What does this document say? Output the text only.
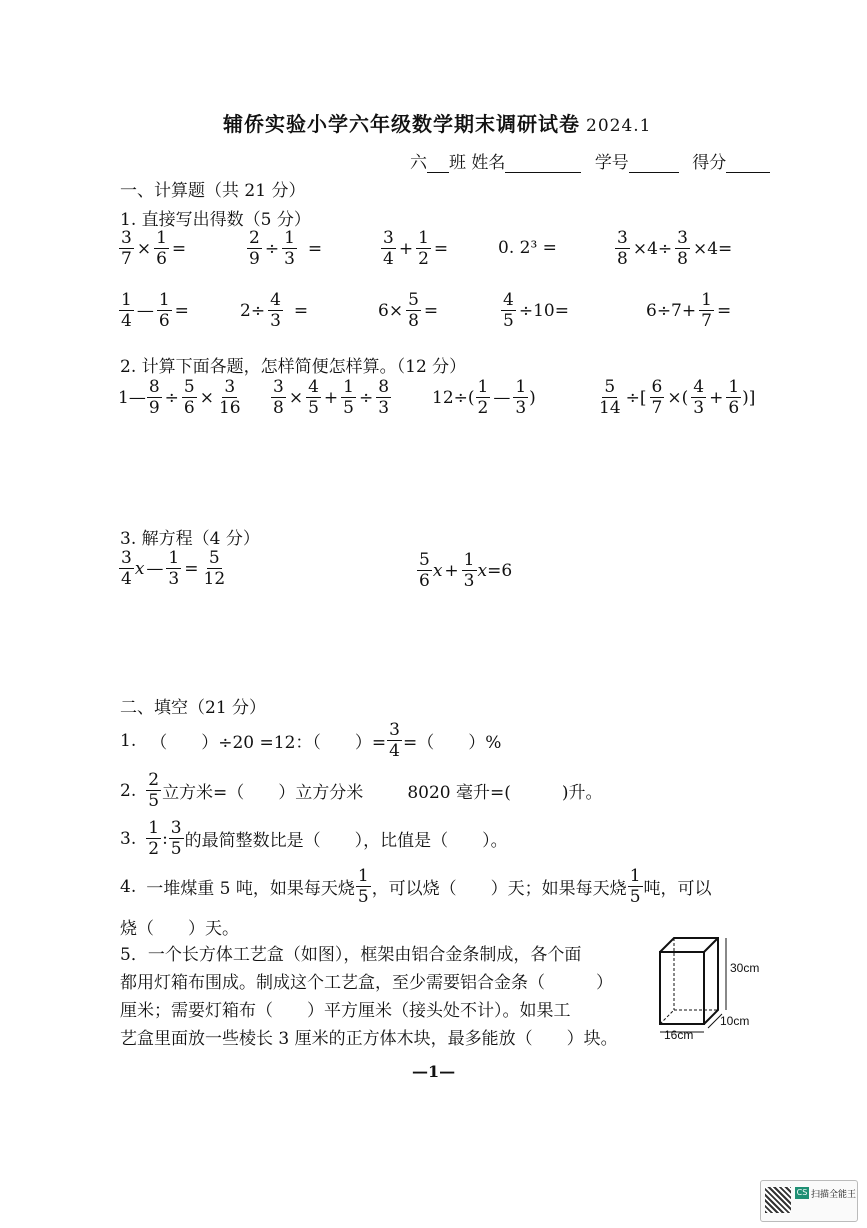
辅侨实验小学六年级数学期末调研试卷 2024.1
六 班 姓名	学号	得分
一、计算题（共 21 分）
1. 直接写出得数（5 分）
$\frac{3}{7} \times \frac{1}{6}$ =	$\frac{2}{9} \div \frac{1}{3}$ =	$\frac{3}{4} + \frac{1}{2}$ =	0. 2³ =	$\frac{3}{8} \times 4\div \frac{3}{8} \times 4=$
$\frac{1}{4}$ — $\frac{1}{6}$ =	$2\div \frac{4}{3}$ =	$6\times \frac{5}{8}$ =	$\frac{4}{5} \div 10=$	$6\div 7+ \frac{1}{7}$ =
2. 计算下面各题，怎样简便怎样算。（12 分）
1— $\frac{8}{9} \div \frac{5}{6} \times \frac{3}{16} \frac{3}{8} \times \frac{4}{5} + \frac{1}{5} \div \frac{8}{3} 12\div( \frac{1}{2}$ — $\frac{1}{3}$ )	$\frac{5}{14}$ ÷[ $\frac{6}{7}$ ×( $\frac{4}{3} + \frac{1}{6}$ )]
3. 解方程（4 分）
$\frac{3}{4}$ x — $\frac{1}{3} = \frac{5}{12}$	$\frac{5}{6}$ $x + \frac{1}{3}$ x =6
二、填空（21 分）
1. （　　）÷20 =12：（　　）= $\frac{3}{4}$ =（　　）%
2. $\frac{2}{5}$ 立方米=（　　）立方分米	8020 毫升=(　　　)升。
3. $\frac{1}{2}$ : $\frac{3}{5}$ 的最简整数比是（　　），比值是（　　）。
4. 一堆煤重 5 吨，如果每天烧 $\frac{1}{5}$ ，可以烧（　　）天；如果每天烧 $\frac{1}{5}$ 吨，可以
烧（　　）天。
5．一个长方体工艺盒（如图），框架由铝合金条制成，各个面
都用灯箱布围成。制成这个工艺盒，至少需要铝合金条（　　　）
厘米；需要灯箱布（　　）平方厘米（接头处不计）。如果工
艺盒里面放一些棱长 3 厘米的正方体木块，最多能放（　　）块。
30cm
10cm
16cm
—1—
CS 扫描全能王
